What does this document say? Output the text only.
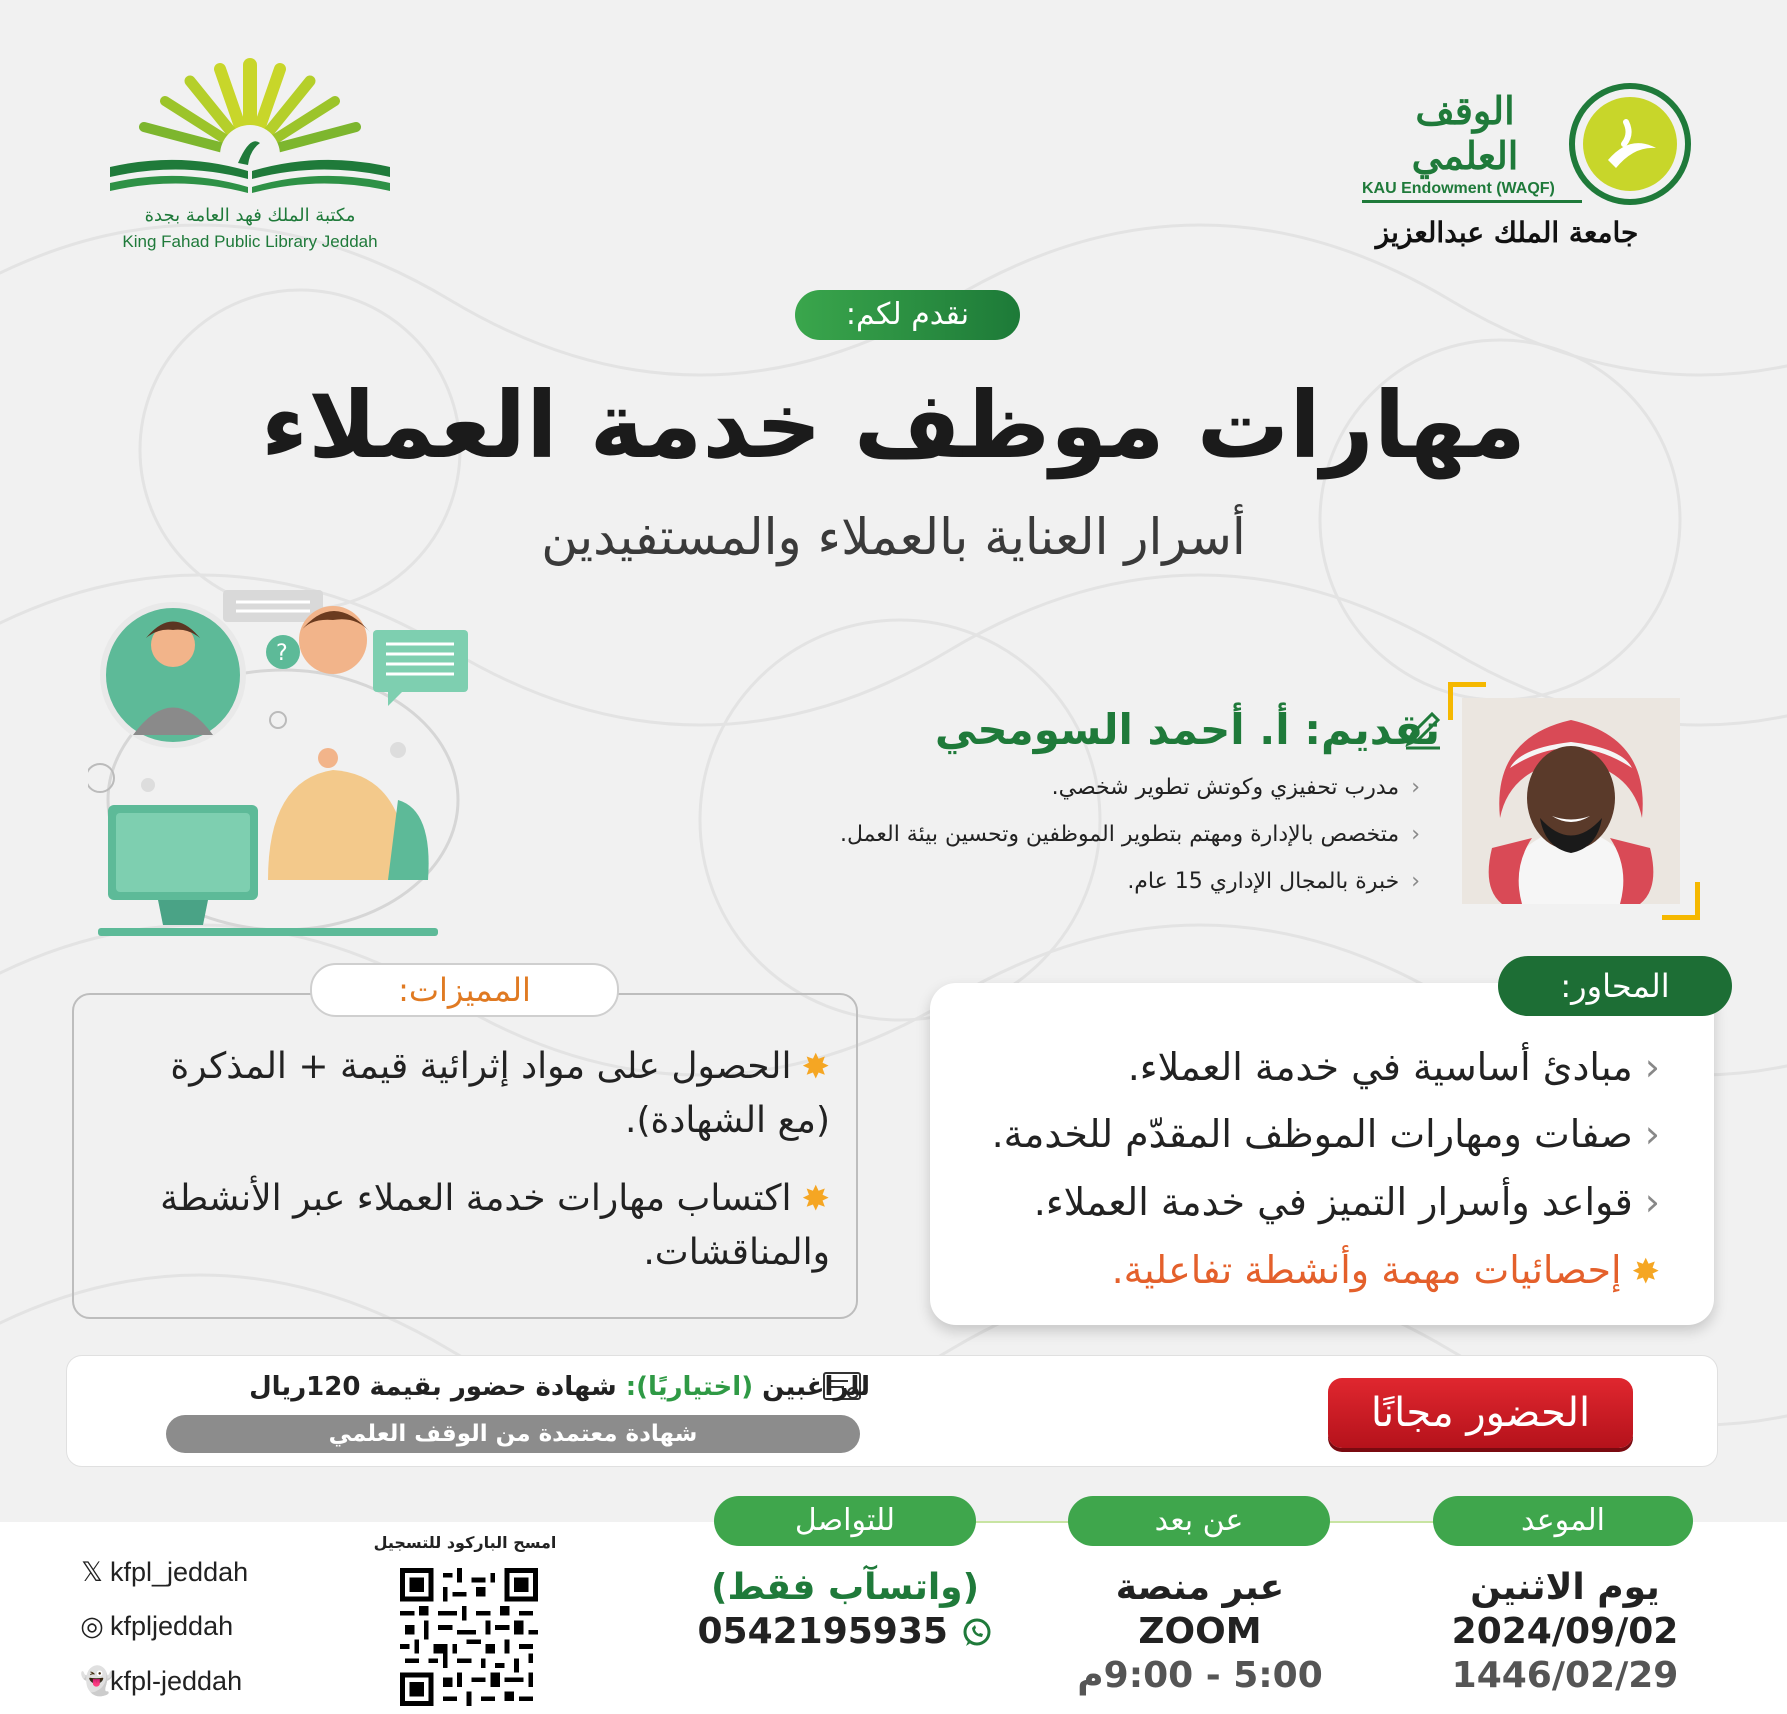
مكتبة الملك فهد العامة بجدة
King Fahad Public Library Jeddah
الوقف العلمي
KAU Endowment (WAQF)
جامعة الملك عبدالعزيز
نقدم لكم:
مهارات موظف خدمة العملاء
أسرار العناية بالعملاء والمستفيدين
?
تقديم: أ. أحمد السومحي
‹مدرب تحفيزي وكوتش تطوير شخصي.
‹متخصص بالإدارة ومهتم بتطوير الموظفين وتحسين بيئة العمل.
‹خبرة بالمجال الإداري 15 عام.
المميزات:
✸الحصول على مواد إثرائية قيمة + المذكرة (مع الشهادة).
✸اكتساب مهارات خدمة العملاء عبر الأنشطة والمناقشات.
المحاور:
‹مبادئ أساسية في خدمة العملاء.
‹صفات ومهارات الموظف المقدّم للخدمة.
‹قواعد وأسرار التميز في خدمة العملاء.
✸إحصائيات مهمة وأنشطة تفاعلية.
الحضور مجانًا
للراغبين (اختياريًا): شهادة حضور بقيمة 120ريال
شهادة معتمدة من الوقف العلمي
الموعد
يوم الاثنين
2024/09/02
1446/02/29
عن بعد
عبر منصة
ZOOM
5:00 - 9:00م
للتواصل
(واتسآب فقط)
0542195935
امسح الباركود للتسجيل
𝕏 kfpl_jeddah
◎ kfpljeddah
👻kfpl-jeddah
